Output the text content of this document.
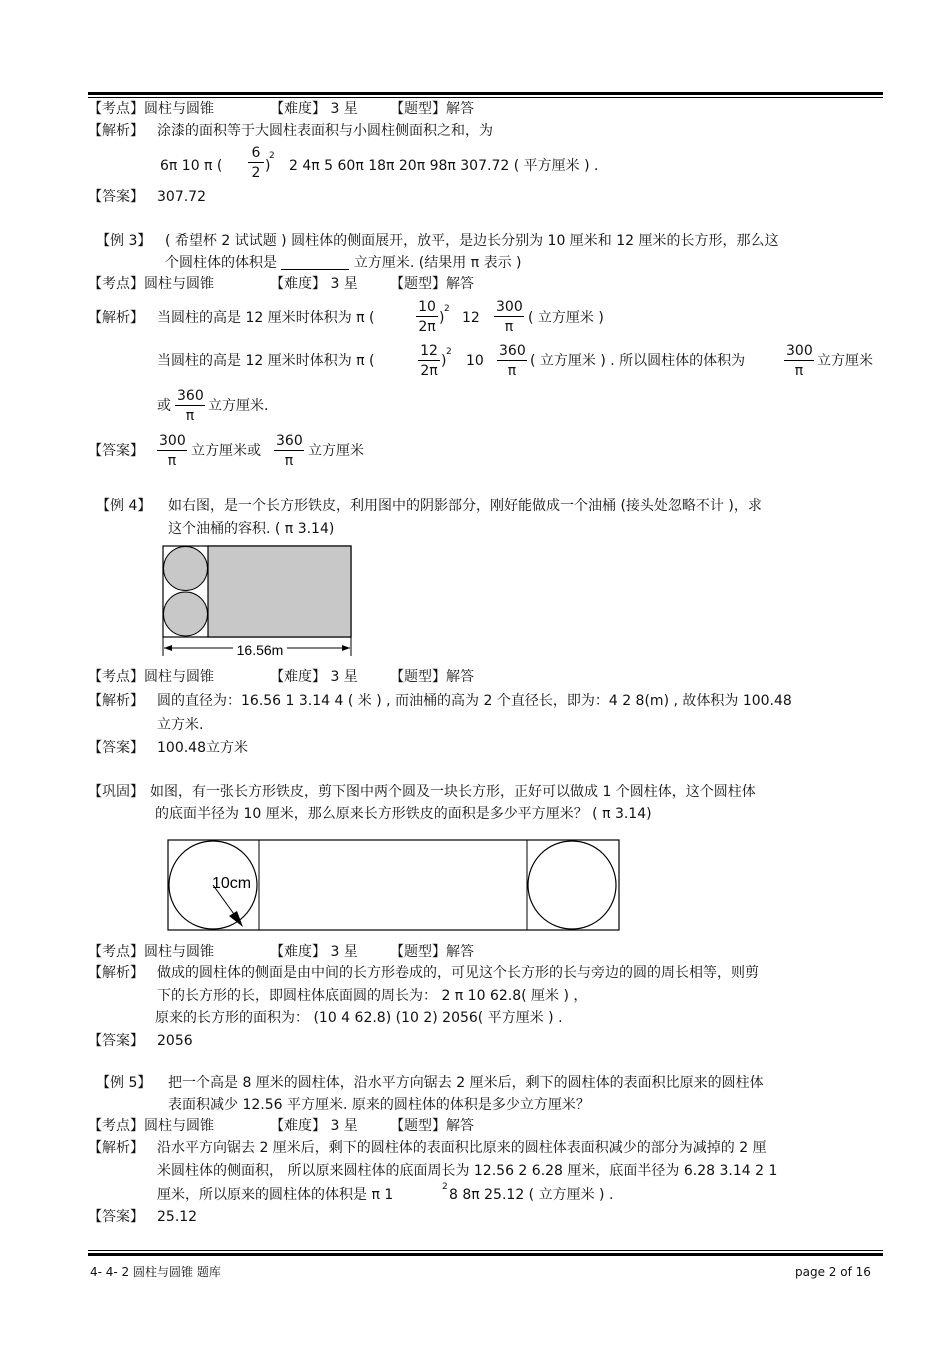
【考点】圆柱与圆锥	【难度】 3 星 【题型】解答
【解析】 涂漆的面积等于大圆柱表面积与小圆柱侧面积之和，为
6π 10 π ( $\frac{6}{2}$ )
2
2 4π 5 60π 18π 20π 98π 307.72 ( 平方厘米 ) .
【答案】 307.72
【例 3】 ( 希望杯 2 试试题 ) 圆柱体的侧面展开，放平，是边长分别为 10 厘米和 12 厘米的长方形，那么这
个圆柱体的体积是	立方厘米. (结果用 π 表示 )
【考点】圆柱与圆锥	【难度】 3 星 【题型】解答
【解析】 当圆柱的高是 12 厘米时体积为 π (	$\frac{10}{2\pi}$ )
2
$12 \frac{300}{\pi}$ ( 立方厘米 )
当圆柱的高是 12 厘米时体积为 π (	$\frac{12}{2\pi}$ )
2
$10 \frac{360}{\pi}$ ( 立方厘米 ) . 所以圆柱体的体积为	$\frac{300}{\pi}$ 立方厘米
或 $\frac{360}{\pi}$ 立方厘米.
【答案】 $\frac{300}{\pi}$ 立方厘米或 $\frac{360}{\pi}$ 立方厘米
【例 4】 如右图，是一个长方形铁皮，利用图中的阴影部分，刚好能做成一个油桶 (接头处忽略不计 )，求
这个油桶的容积. ( π 3.14)
16.56m
【考点】圆柱与圆锥	【难度】 3 星 【题型】解答
【解析】 圆的直径为：16.56 1 3.14 4 ( 米 ) , 而油桶的高为 2 个直径长，即为：4 2 8(m) , 故体积为 100.48
立方米.
【答案】 100.48立方米
【巩固】 如图，有一张长方形铁皮，剪下图中两个圆及一块长方形，正好可以做成 1 个圆柱体，这个圆柱体
的底面半径为 10 厘米，那么原来长方形铁皮的面积是多少平方厘米？ ( π 3.14)
10cm
【考点】圆柱与圆锥	【难度】 3 星 【题型】解答
【解析】 做成的圆柱体的侧面是由中间的长方形卷成的，可见这个长方形的长与旁边的圆的周长相等，则剪
下的长方形的长，即圆柱体底面圆的周长为： 2 π 10 62.8( 厘米 ) ，
原来的长方形的面积为： (10 4 62.8) (10 2) 2056( 平方厘米 ) .
【答案】 2056
【例 5】 把一个高是 8 厘米的圆柱体，沿水平方向锯去 2 厘米后，剩下的圆柱体的表面积比原来的圆柱体
表面积减少 12.56 平方厘米. 原来的圆柱体的体积是多少立方厘米？
【考点】圆柱与圆锥	【难度】 3 星 【题型】解答
【解析】 沿水平方向锯去 2 厘米后，剩下的圆柱体的表面积比原来的圆柱体表面积减少的部分为减掉的 2 厘
米圆柱体的侧面积， 所以原来圆柱体的底面周长为 12.56 2 6.28 厘米，底面半径为 6.28 3.14 2 1
厘米，所以原来的圆柱体的体积是 π 1	2 8 8π 25.12 ( 立方厘米 ) .
【答案】 25.12
4- 4- 2 圆柱与圆锥 题库	page 2 of 16
